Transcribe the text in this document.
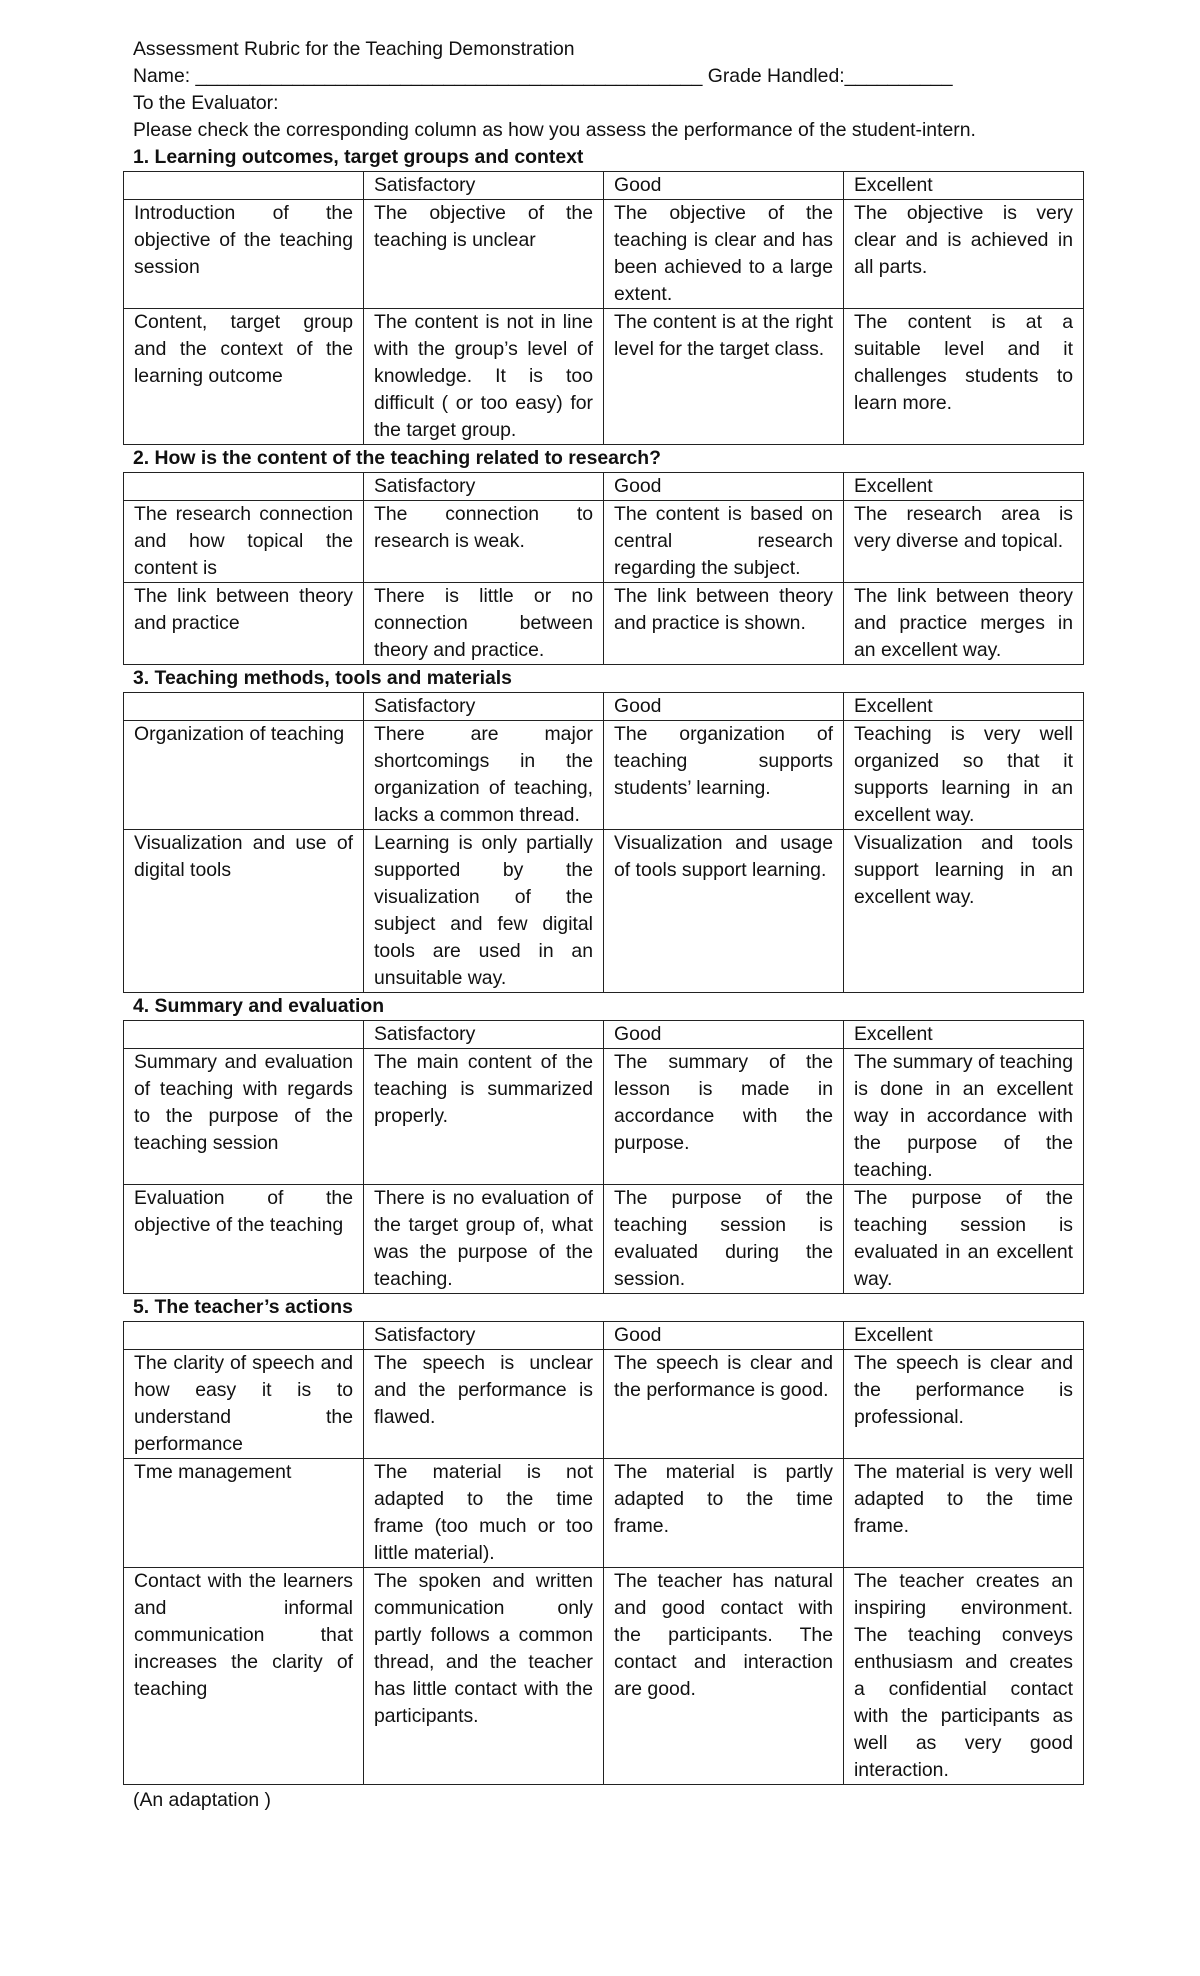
Assessment Rubric for the Teaching Demonstration
Name: _______________________________________________ Grade Handled:__________
To the Evaluator:
Please check the corresponding column as how you assess the performance of the student-intern.
1. Learning outcomes, target groups and context
	Satisfactory	Good	Excellent
Introduction of the objective of the teaching session	The objective of the teaching is unclear	The objective of the teaching is clear and has been achieved to a large extent.	The objective is very clear and is achieved in all parts.
Content, target group and the context of the learning outcome	The content is not in line with the group’s level of knowledge. It is too difficult ( or too easy) for the target group.	The content is at the right level for the target class.	The content is at a suitable level and it challenges students to learn more.
2. How is the content of the teaching related to research?
	Satisfactory	Good	Excellent
The research connection and how topical the content is	The connection to research is weak.	The content is based on central research regarding the subject.	The research area is very diverse and topical.
The link between theory and practice	There is little or no connection between theory and practice.	The link between theory and practice is shown.	The link between theory and practice merges in an excellent way.
3. Teaching methods, tools and materials
	Satisfactory	Good	Excellent
Organization of teaching	There are major shortcomings in the organization of teaching, lacks a common thread.	The organization of teaching supports students’ learning.	Teaching is very well organized so that it supports learning in an excellent way.
Visualization and use of digital tools	Learning is only partially supported by the visualization of the subject and few digital tools are used in an unsuitable way.	Visualization and usage of tools support learning.	Visualization and tools support learning in an excellent way.
4. Summary and evaluation
	Satisfactory	Good	Excellent
Summary and evaluation of teaching with regards to the purpose of the teaching session	The main content of the teaching is summarized properly.	The summary of the lesson is made in accordance with the purpose.	The summary of teaching is done in an excellent way in accordance with the purpose of the teaching.
Evaluation of the objective of the teaching	There is no evaluation of the target group of, what was the purpose of the teaching.	The purpose of the teaching session is evaluated during the session.	The purpose of the teaching session is evaluated in an excellent way.
5. The teacher’s actions
	Satisfactory	Good	Excellent
The clarity of speech and how easy it is to understand the performance	The speech is unclear and the performance is flawed.	The speech is clear and the performance is good.	The speech is clear and the performance is professional.
Tme management	The material is not adapted to the time frame (too much or too little material).	The material is partly adapted to the time frame.	The material is very well adapted to the time frame.
Contact with the learners and informal communication that increases the clarity of teaching	The spoken and written communication only partly follows a common thread, and the teacher has little contact with the participants.	The teacher has natural and good contact with the participants. The contact and interaction are good.	The teacher creates an inspiring environment. The teaching conveys enthusiasm and creates a confidential contact with the participants as well as very good interaction.
(An adaptation )
